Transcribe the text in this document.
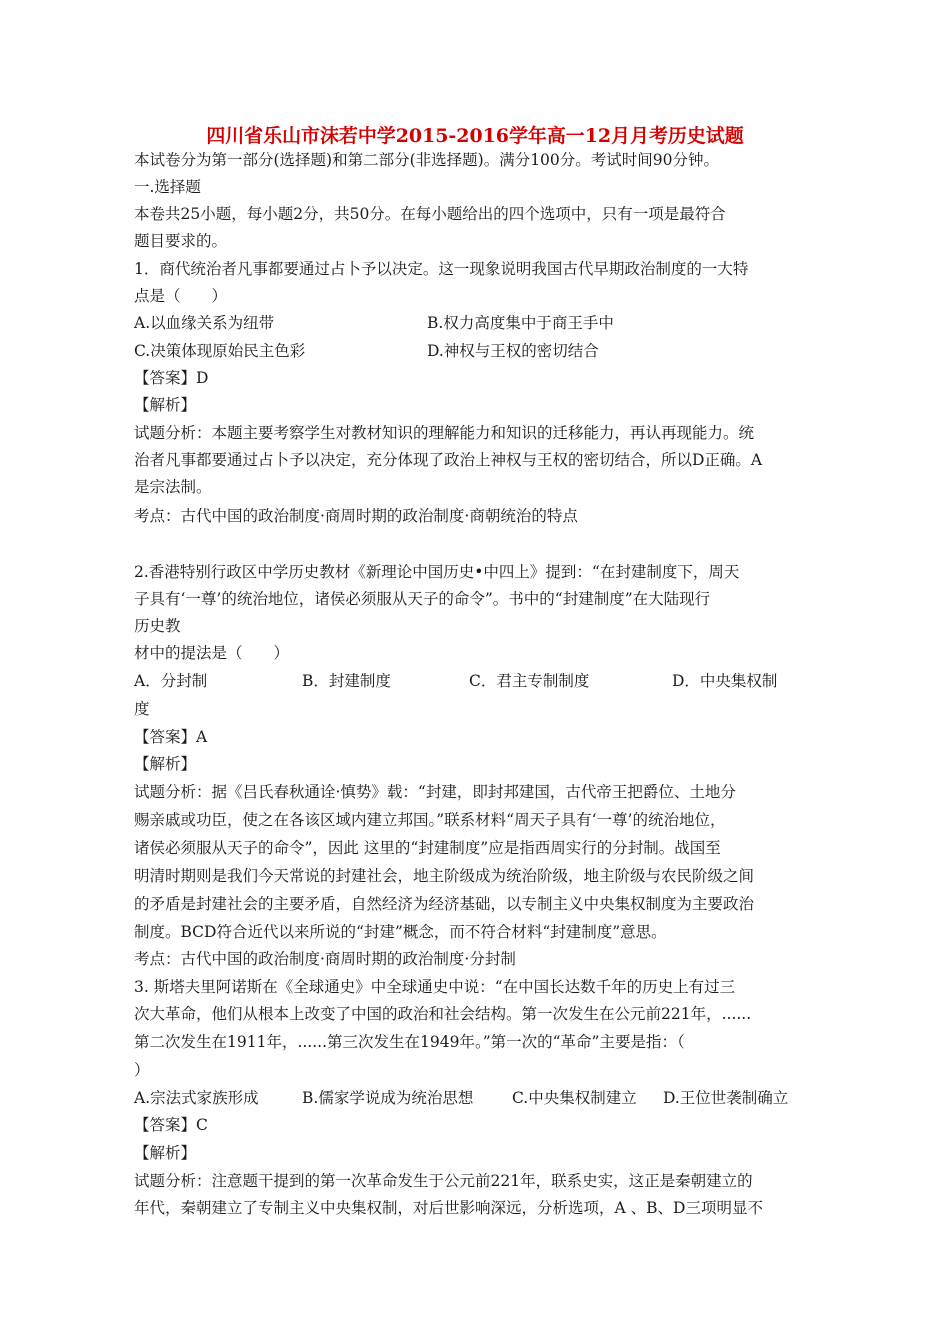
四川省乐山市沫若中学2015-2016学年高一12月月考历史试题
本试卷分为第一部分(选择题)和第二部分(非选择题)。满分100分。考试时间90分钟。
一.选择题
本卷共25小题，每小题2分，共50分。在每小题给出的四个选项中，只有一项是最符合
题目要求的。
1．商代统治者凡事都要通过占卜予以决定。这一现象说明我国古代早期政治制度的一大特
点是（　　）
A.以血缘关系为纽带	B.权力高度集中于商王手中
C.决策体现原始民主色彩	D.神权与王权的密切结合
【答案】D
【解析】
试题分析：本题主要考察学生对教材知识的理解能力和知识的迁移能力，再认再现能力。统
治者凡事都要通过占卜予以决定，充分体现了政治上神权与王权的密切结合，所以D正确。A
是宗法制。
考点：古代中国的政治制度·商周时期的政治制度·商朝统治的特点
2.香港特别行政区中学历史教材《新理论中国历史•中四上》提到：“在封建制度下，周天
子具有‘一尊’的统治地位，诸侯必须服从天子的命令”。书中的“封建制度”在大陆现行
历史教
材中的提法是（　　）
A．分封制	B．封建制度	C．君主专制制度	D．中央集权制
度
【答案】A
【解析】
试题分析：据《吕氏春秋通诠·慎势》载：“封建，即封邦建国，古代帝王把爵位、土地分
赐亲戚或功臣，使之在各该区域内建立邦国。”联系材料“周天子具有‘一尊’的统治地位，
诸侯必须服从天子的命令”，因此 这里的“封建制度”应是指西周实行的分封制。战国至
明清时期则是我们今天常说的封建社会，地主阶级成为统治阶级，地主阶级与农民阶级之间
的矛盾是封建社会的主要矛盾，自然经济为经济基础，以专制主义中央集权制度为主要政治
制度。BCD符合近代以来所说的“封建”概念，而不符合材料“封建制度”意思。
考点：古代中国的政治制度·商周时期的政治制度·分封制
3. 斯塔夫里阿诺斯在《全球通史》中全球通史中说：“在中国长达数千年的历史上有过三
次大革命，他们从根本上改变了中国的政治和社会结构。第一次发生在公元前221年，......
第二次发生在1911年，......第三次发生在1949年。”第一次的“革命”主要是指：（
）
A.宗法式家族形成	B.儒家学说成为统治思想 C.中央集权制建立 D.王位世袭制确立
【答案】C
【解析】
试题分析：注意题干提到的第一次革命发生于公元前221年，联系史实，这正是秦朝建立的
年代，秦朝建立了专制主义中央集权制，对后世影响深远，分析选项，A 、B、D三项明显不
